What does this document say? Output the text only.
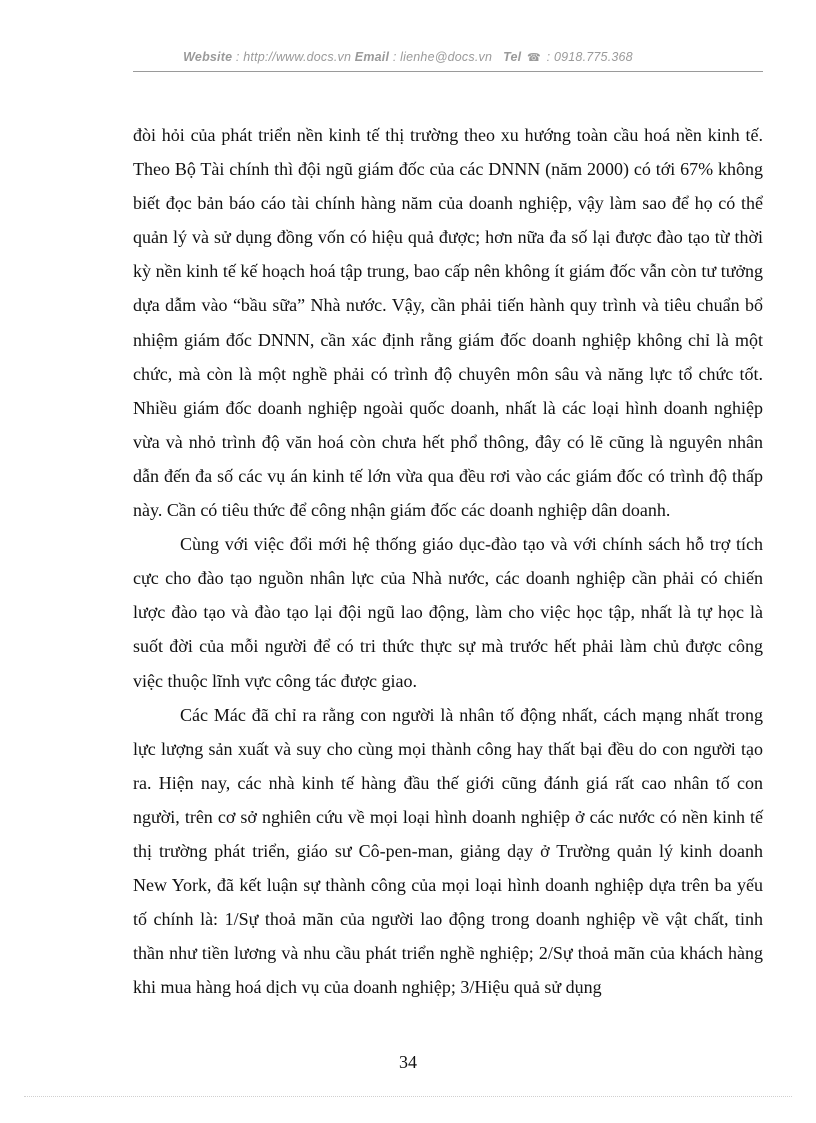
Website : http://www.docs.vn Email : lienhe@docs.vn Tel ☎ : 0918.775.368

đòi hỏi của phát triển nền kinh tế thị trường theo xu hướng toàn cầu hoá nền kinh tế. Theo Bộ Tài chính thì đội ngũ giám đốc của các DNNN (năm 2000) có tới 67% không biết đọc bản báo cáo tài chính hàng năm của doanh nghiệp, vậy làm sao để họ có thể quản lý và sử dụng đồng vốn có hiệu quả được; hơn nữa đa số lại được đào tạo từ thời kỳ nền kinh tế kế hoạch hoá tập trung, bao cấp nên không ít giám đốc vẫn còn tư tưởng dựa dẫm vào “bầu sữa” Nhà nước. Vậy, cần phải tiến hành quy trình và tiêu chuẩn bổ nhiệm giám đốc DNNN, cần xác định rằng giám đốc doanh nghiệp không chỉ là một chức, mà còn là một nghề phải có trình độ chuyên môn sâu và năng lực tổ chức tốt. Nhiều giám đốc doanh nghiệp ngoài quốc doanh, nhất là các loại hình doanh nghiệp vừa và nhỏ trình độ văn hoá còn chưa hết phổ thông, đây có lẽ cũng là nguyên nhân dẫn đến đa số các vụ án kinh tế lớn vừa qua đều rơi vào các giám đốc có trình độ thấp này. Cần có tiêu thức để công nhận giám đốc các doanh nghiệp dân doanh.

Cùng với việc đổi mới hệ thống giáo dục-đào tạo và với chính sách hỗ trợ tích cực cho đào tạo nguồn nhân lực của Nhà nước, các doanh nghiệp cần phải có chiến lược đào tạo và đào tạo lại đội ngũ lao động, làm cho việc học tập, nhất là tự học là suốt đời của mỗi người để có tri thức thực sự mà trước hết phải làm chủ được công việc thuộc lĩnh vực công tác được giao.

Các Mác đã chỉ ra rằng con người là nhân tố động nhất, cách mạng nhất trong lực lượng sản xuất và suy cho cùng mọi thành công hay thất bại đều do con người tạo ra. Hiện nay, các nhà kinh tế hàng đầu thế giới cũng đánh giá rất cao nhân tố con người, trên cơ sở nghiên cứu về mọi loại hình doanh nghiệp ở các nước có nền kinh tế thị trường phát triển, giáo sư Cô-pen-man, giảng dạy ở Trường quản lý kinh doanh New York, đã kết luận sự thành công của mọi loại hình doanh nghiệp dựa trên ba yếu tố chính là: 1/Sự thoả mãn của người lao động trong doanh nghiệp về vật chất, tinh thần như tiền lương và nhu cầu phát triển nghề nghiệp; 2/Sự thoả mãn của khách hàng khi mua hàng hoá dịch vụ của doanh nghiệp; 3/Hiệu quả sử dụng

34
